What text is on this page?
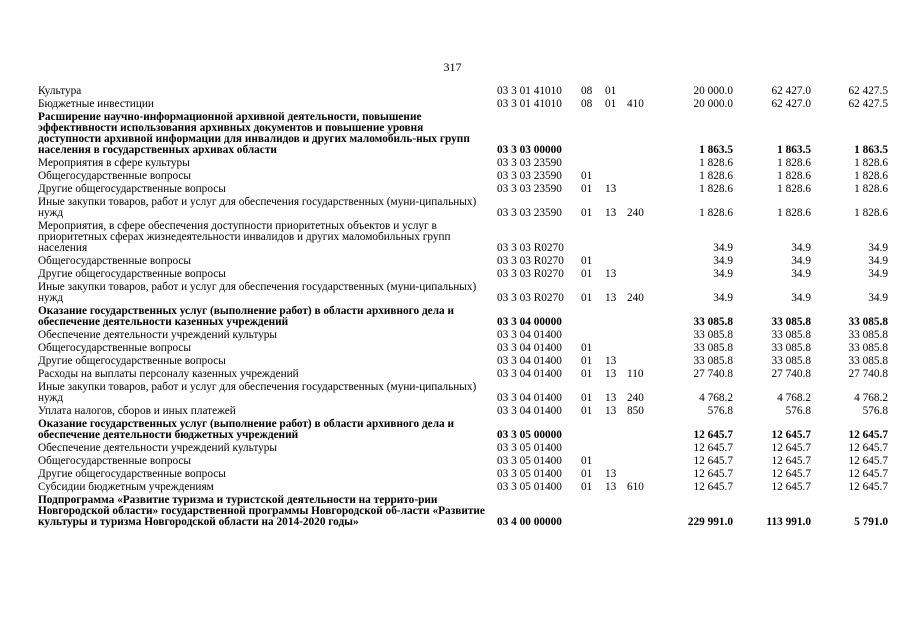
317
Культура	03 3 01 41010	08	01		20 000.0	62 427.0	62 427.5
Бюджетные инвестиции	03 3 01 41010	08	01	410	20 000.0	62 427.0	62 427.5
Расширение научно-информационной архивной деятельности, повышение эффективности использования архивных документов и повышение уровня доступности архивной информации для инвалидов и других маломобиль-ных групп населения в государственных архивах области	03 3 03 00000				1 863.5	1 863.5	1 863.5
Мероприятия в сфере культуры	03 3 03 23590				1 828.6	1 828.6	1 828.6
Общегосударственные вопросы	03 3 03 23590	01			1 828.6	1 828.6	1 828.6
Другие общегосударственные вопросы	03 3 03 23590	01	13		1 828.6	1 828.6	1 828.6
Иные закупки товаров, работ и услуг для обеспечения государственных (муни-ципальных) нужд	03 3 03 23590	01	13	240	1 828.6	1 828.6	1 828.6
Мероприятия, в сфере обеспечения доступности приоритетных объектов и услуг в приоритетных сферах жизнедеятельности инвалидов и других маломобильных групп населения	03 3 03 R0270				34.9	34.9	34.9
Общегосударственные вопросы	03 3 03 R0270	01			34.9	34.9	34.9
Другие общегосударственные вопросы	03 3 03 R0270	01	13		34.9	34.9	34.9
Иные закупки товаров, работ и услуг для обеспечения государственных (муни-ципальных) нужд	03 3 03 R0270	01	13	240	34.9	34.9	34.9
Оказание государственных услуг (выполнение работ) в области архивного дела и обеспечение деятельности казенных учреждений	03 3 04 00000				33 085.8	33 085.8	33 085.8
Обеспечение деятельности учреждений культуры	03 3 04 01400				33 085.8	33 085.8	33 085.8
Общегосударственные вопросы	03 3 04 01400	01			33 085.8	33 085.8	33 085.8
Другие общегосударственные вопросы	03 3 04 01400	01	13		33 085.8	33 085.8	33 085.8
Расходы на выплаты персоналу казенных учреждений	03 3 04 01400	01	13	110	27 740.8	27 740.8	27 740.8
Иные закупки товаров, работ и услуг для обеспечения государственных (муни-ципальных) нужд	03 3 04 01400	01	13	240	4 768.2	4 768.2	4 768.2
Уплата налогов, сборов и иных платежей	03 3 04 01400	01	13	850	576.8	576.8	576.8
Оказание государственных услуг (выполнение работ) в области архивного дела и обеспечение деятельности бюджетных учреждений	03 3 05 00000				12 645.7	12 645.7	12 645.7
Обеспечение деятельности учреждений культуры	03 3 05 01400				12 645.7	12 645.7	12 645.7
Общегосударственные вопросы	03 3 05 01400	01			12 645.7	12 645.7	12 645.7
Другие общегосударственные вопросы	03 3 05 01400	01	13		12 645.7	12 645.7	12 645.7
Субсидии бюджетным учреждениям	03 3 05 01400	01	13	610	12 645.7	12 645.7	12 645.7
Подпрограмма «Развитие туризма и туристской деятельности на террито-рии Новгородской области» государственной программы Новгородской об-ласти «Развитие культуры и туризма Новгородской области на 2014-2020 годы»	03 4 00 00000				229 991.0	113 991.0	5 791.0
